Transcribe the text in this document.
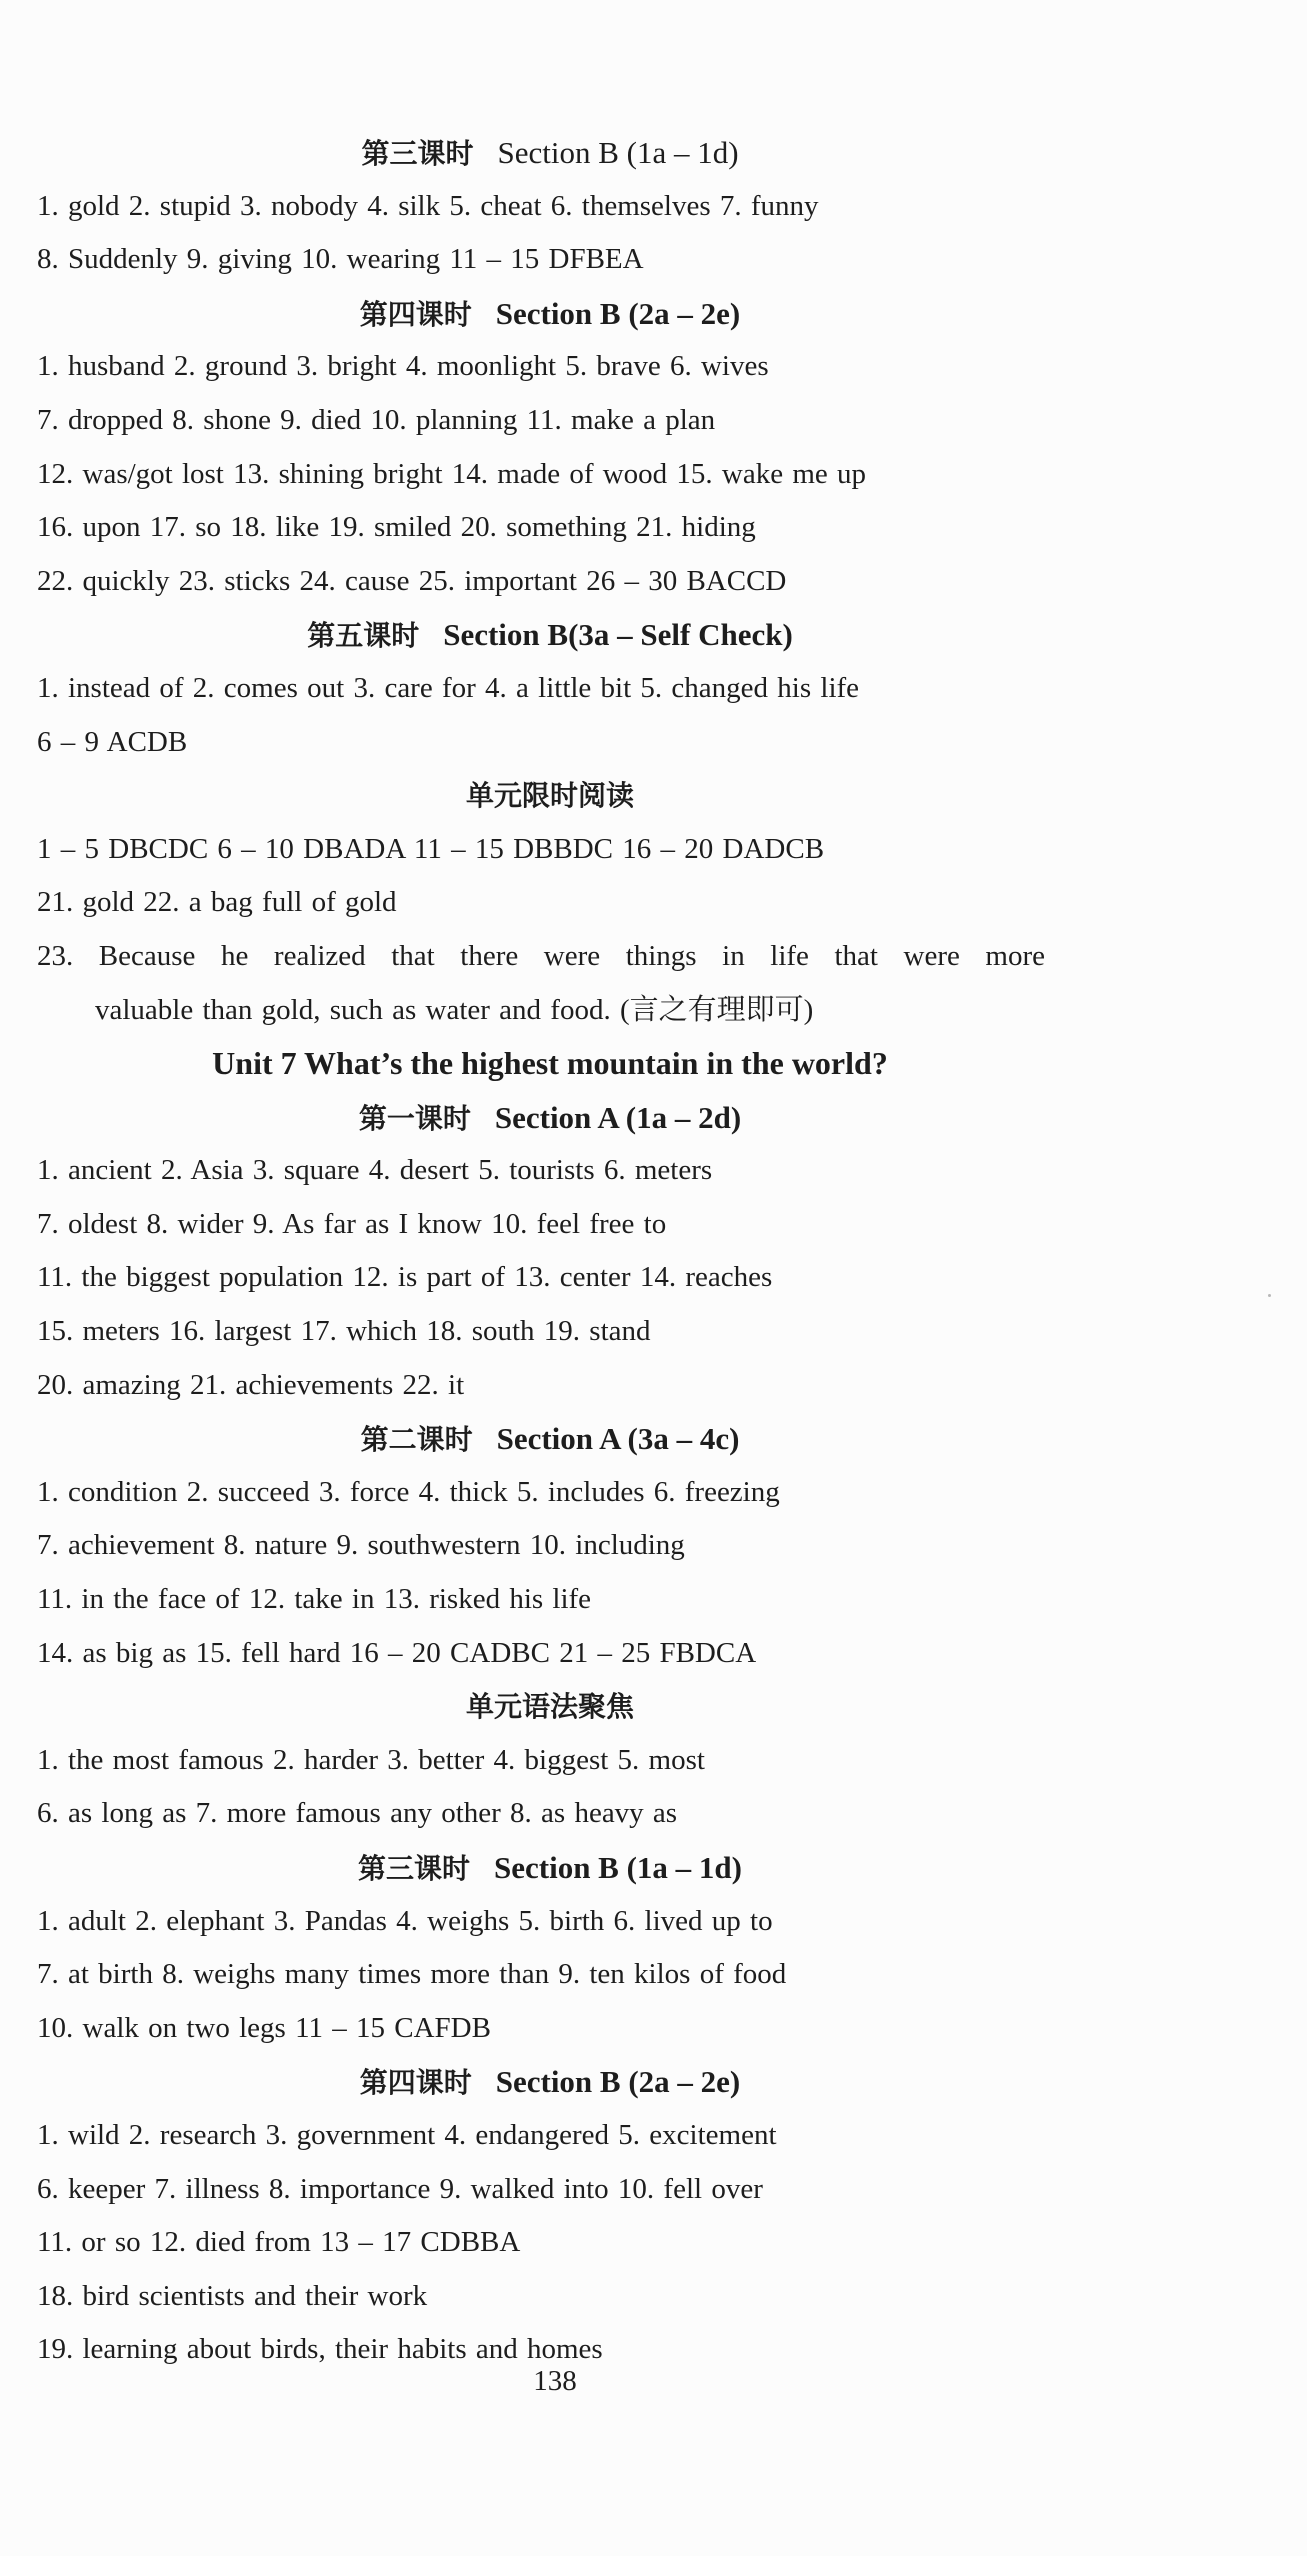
第三课时 Section B (1a – 1d)
1. gold 2. stupid 3. nobody 4. silk 5. cheat 6. themselves 7. funny
8. Suddenly 9. giving 10. wearing 11 – 15 DFBEA
第四课时 Section B (2a – 2e)
1. husband 2. ground 3. bright 4. moonlight 5. brave 6. wives
7. dropped 8. shone 9. died 10. planning 11. make a plan
12. was/got lost 13. shining bright 14. made of wood 15. wake me up
16. upon 17. so 18. like 19. smiled 20. something 21. hiding
22. quickly 23. sticks 24. cause 25. important 26 – 30 BACCD
第五课时 Section B(3a – Self Check)
1. instead of 2. comes out 3. care for 4. a little bit 5. changed his life
6 – 9 ACDB
单元限时阅读
1 – 5 DBCDC 6 – 10 DBADA 11 – 15 DBBDC 16 – 20 DADCB
21. gold 22. a bag full of gold
23. Because he realized that there were things in life that were more
valuable than gold, such as water and food. (言之有理即可)
Unit 7 What’s the highest mountain in the world?
第一课时 Section A (1a – 2d)
1. ancient 2. Asia 3. square 4. desert 5. tourists 6. meters
7. oldest 8. wider 9. As far as I know 10. feel free to
11. the biggest population 12. is part of 13. center 14. reaches
15. meters 16. largest 17. which 18. south 19. stand
20. amazing 21. achievements 22. it
第二课时 Section A (3a – 4c)
1. condition 2. succeed 3. force 4. thick 5. includes 6. freezing
7. achievement 8. nature 9. southwestern 10. including
11. in the face of 12. take in 13. risked his life
14. as big as 15. fell hard 16 – 20 CADBC 21 – 25 FBDCA
单元语法聚焦
1. the most famous 2. harder 3. better 4. biggest 5. most
6. as long as 7. more famous any other 8. as heavy as
第三课时 Section B (1a – 1d)
1. adult 2. elephant 3. Pandas 4. weighs 5. birth 6. lived up to
7. at birth 8. weighs many times more than 9. ten kilos of food
10. walk on two legs 11 – 15 CAFDB
第四课时 Section B (2a – 2e)
1. wild 2. research 3. government 4. endangered 5. excitement
6. keeper 7. illness 8. importance 9. walked into 10. fell over
11. or so 12. died from 13 – 17 CDBBA
18. bird scientists and their work
19. learning about birds, their habits and homes
138
